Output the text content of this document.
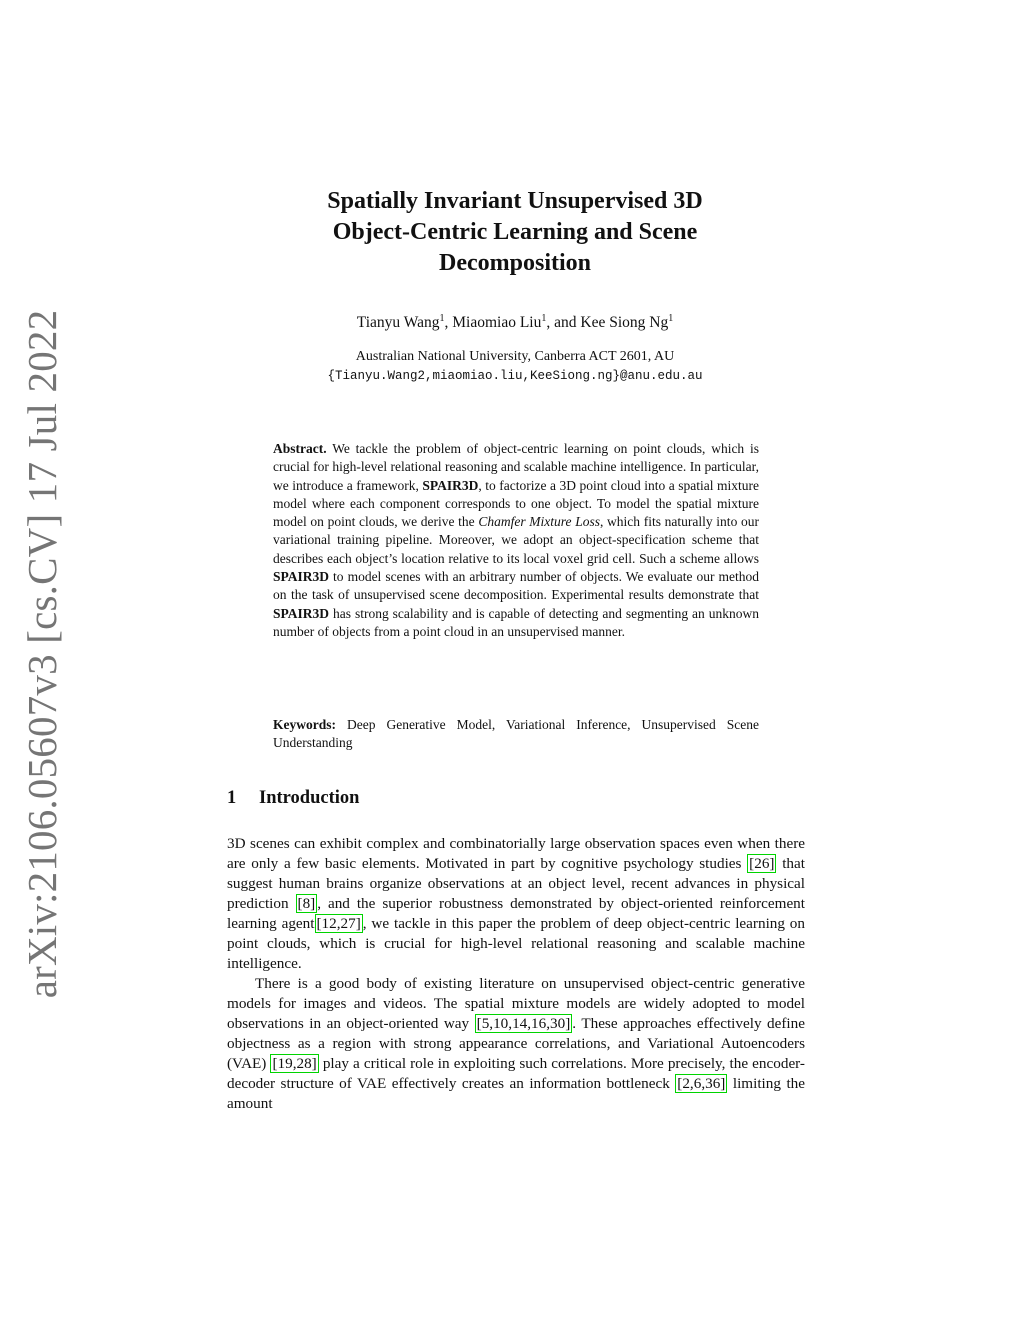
arXiv:2106.05607v3 [cs.CV] 17 Jul 2022
Spatially Invariant Unsupervised 3D
Object-Centric Learning and Scene
Decomposition
Tianyu Wang$^1$, Miaomiao Liu$^1$, and Kee Siong Ng$^1$
Australian National University, Canberra ACT 2601, AU
{Tianyu.Wang2,miaomiao.liu,KeeSiong.ng}@anu.edu.au
Abstract. We tackle the problem of object-centric learning on point clouds, which is crucial for high-level relational reasoning and scalable machine intelligence. In particular, we introduce a framework, SPAIR3D, to factorize a 3D point cloud into a spatial mixture model where each component corresponds to one object. To model the spatial mixture model on point clouds, we derive the Chamfer Mixture Loss, which fits naturally into our variational training pipeline. Moreover, we adopt an object-specification scheme that describes each object’s location relative to its local voxel grid cell. Such a scheme allows SPAIR3D to model scenes with an arbitrary number of objects. We evaluate our method on the task of unsupervised scene decomposition. Experimental results demonstrate that SPAIR3D has strong scalability and is capable of detecting and segmenting an unknown number of objects from a point cloud in an unsupervised manner.
Keywords: Deep Generative Model, Variational Inference, Unsupervised Scene Understanding
1 Introduction

3D scenes can exhibit complex and combinatorially large observation spaces even when there are only a few basic elements. Motivated in part by cognitive psychology studies [26] that suggest human brains organize observations at an object level, recent advances in physical prediction [8] , and the superior robustness demonstrated by object-oriented reinforcement learning agent [12,27] , we tackle in this paper the problem of deep object-centric learning on point clouds, which is crucial for high-level relational reasoning and scalable machine intelligence.

There is a good body of existing literature on unsupervised object-centric generative models for images and videos. The spatial mixture models are widely adopted to model observations in an object-oriented way [5,10,14,16,30] . These approaches effectively define objectness as a region with strong appearance correlations, and Variational Autoencoders (VAE) [19,28] play a critical role in exploiting such correlations. More precisely, the encoder-decoder structure of VAE effectively creates an information bottleneck [2,6,36] limiting the amount
